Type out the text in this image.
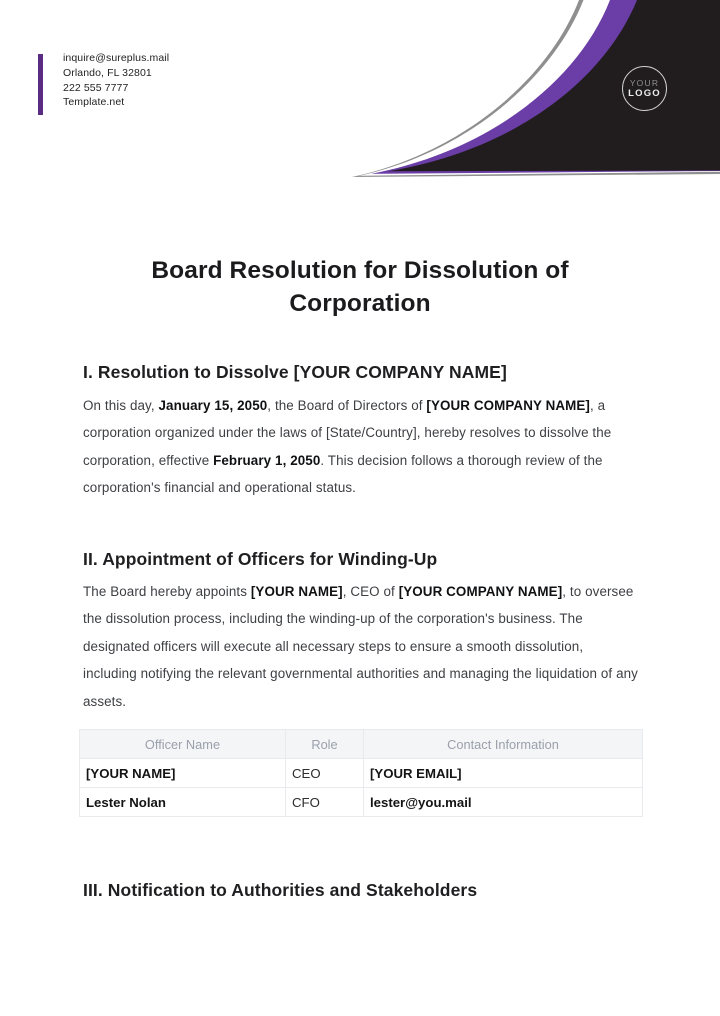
YOUR
LOGO
inquire@sureplus.mail
Orlando, FL 32801
222 555 7777
Template.net
Board Resolution for Dissolution of Corporation
I. Resolution to Dissolve [YOUR COMPANY NAME]
On this day, January 15, 2050, the Board of Directors of [YOUR COMPANY NAME], a corporation organized under the laws of [State/Country], hereby resolves to dissolve the corporation, effective February 1, 2050. This decision follows a thorough review of the corporation's financial and operational status.
II. Appointment of Officers for Winding-Up
The Board hereby appoints [YOUR NAME], CEO of [YOUR COMPANY NAME], to oversee the dissolution process, including the winding-up of the corporation's business. The designated officers will execute all necessary steps to ensure a smooth dissolution, including notifying the relevant governmental authorities and managing the liquidation of any assets.
Officer Name	Role	Contact Information
[YOUR NAME]	CEO	[YOUR EMAIL]
Lester Nolan	CFO	lester@you.mail
III. Notification to Authorities and Stakeholders
